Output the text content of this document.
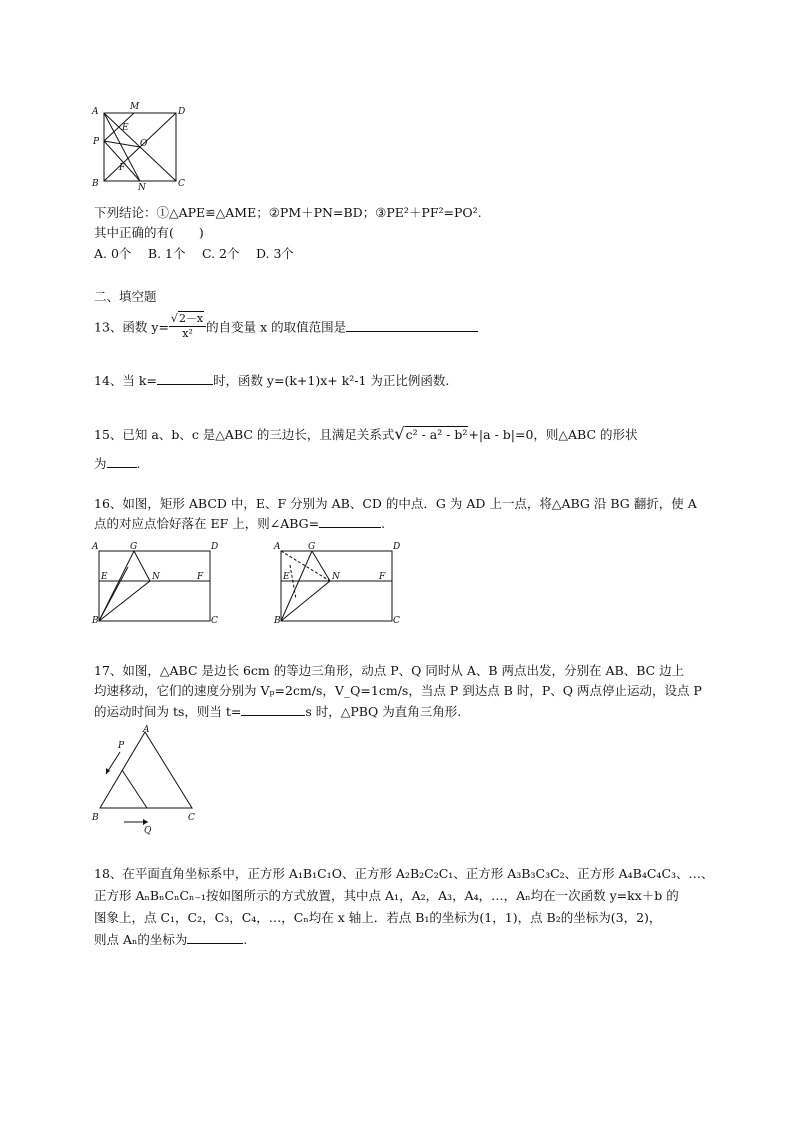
A	M	D
E
P	O
F
B	N	C
下列结论：①△APE≌△AME；②PM＋PN=BD；③PE²＋PF²=PO².
其中正确的有(　　)
A. 0个　 B. 1个　 C. 2个　 D. 3个
二、填空题
13、函数 $y= \frac{√2-x}{\text{x²}}$ 的自变量 x 的取值范围是
14、当 k=	时，函数 y=(k+1)x+ k²-1 为正比例函数.
15、已知 a、b、c 是△ABC 的三边长，且满足关系式√c² - a² - b²+|a - b|=0，则△ABC 的形状
为 .
16、如图，矩形 ABCD 中，E、F 分别为 AB、CD 的中点．G 为 AD 上一点，将△ABG 沿 BG 翻折，使 A
点的对应点恰好落在 EF 上，则∠ABG=	.
A	G	D
E	N	F
B	C
A	G	D
E	N	F
B	C
17、如图，△ABC 是边长 6cm 的等边三角形，动点 P、Q 同时从 A、B 两点出发，分别在 AB、BC 边上
均速移动，它们的速度分别为 Vₚ=2cm/s，V_Q=1cm/s，当点 P 到达点 B 时，P、Q 两点停止运动，设点 P
的运动时间为 ts，则当 t=	s 时，△PBQ 为直角三角形.
A
P
B
Q
C
18、在平面直角坐标系中，正方形 A₁B₁C₁O、正方形 A₂B₂C₂C₁、正方形 A₃B₃C₃C₂、正方形 A₄B₄C₄C₃、…、
正方形 AₙBₙCₙCₙ₋₁按如图所示的方式放置，其中点 A₁，A₂，A₃，A₄，…，Aₙ均在一次函数 y=kx＋b 的
图象上，点 C₁，C₂，C₃，C₄，…，Cₙ均在 x 轴上．若点 B₁的坐标为(1，1)，点 B₂的坐标为(3，2)，
则点 Aₙ的坐标为	.
